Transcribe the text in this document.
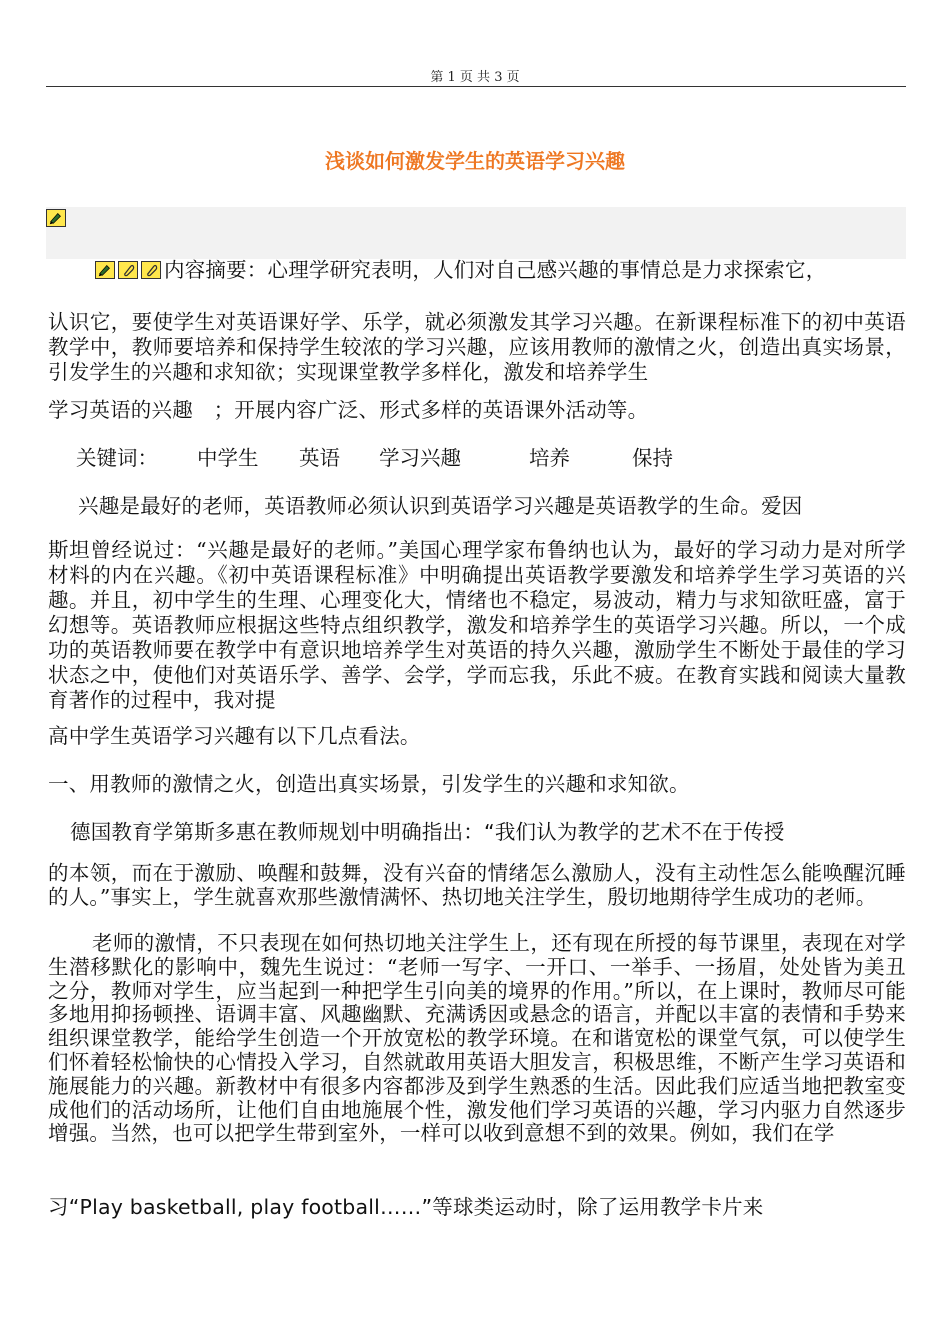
第 1 页 共 3 页
浅谈如何激发学生的英语学习兴趣

内容摘要：心理学研究表明，人们对自己感兴趣的事情总是力求探索它，

认识它，要使学生对英语课好学、乐学，就必须激发其学习兴趣。在新课程标准下的初中英语教学中，教师要培养和保持学生较浓的学习兴趣，应该用教师的激情之火，创造出真实场景，引发学生的兴趣和求知欲；实现课堂教学多样化，激发和培养学生

学习英语的兴趣　；开展内容广泛、形式多样的英语课外活动等。

关键词： 中学生 英语 学习兴趣	培养	保持

兴趣是最好的老师，英语教师必须认识到英语学习兴趣是英语教学的生命。爱因

斯坦曾经说过：“兴趣是最好的老师。”美国心理学家布鲁纳也认为，最好的学习动力是对所学材料的内在兴趣。《初中英语课程标准》中明确提出英语教学要激发和培养学生学习英语的兴趣。并且，初中学生的生理、心理变化大，情绪也不稳定，易波动，精力与求知欲旺盛，富于幻想等。英语教师应根据这些特点组织教学，激发和培养学生的英语学习兴趣。所以，一个成功的英语教师要在教学中有意识地培养学生对英语的持久兴趣，激励学生不断处于最佳的学习状态之中，使他们对英语乐学、善学、会学，学而忘我，乐此不疲。在教育实践和阅读大量教育著作的过程中，我对提

高中学生英语学习兴趣有以下几点看法。

一、用教师的激情之火，创造出真实场景，引发学生的兴趣和求知欲。

德国教育学第斯多惠在教师规划中明确指出：“我们认为教学的艺术不在于传授

的本领，而在于激励、唤醒和鼓舞，没有兴奋的情绪怎么激励人，没有主动性怎么能唤醒沉睡的人。”事实上，学生就喜欢那些激情满怀、热切地关注学生，殷切地期待学生成功的老师。

老师的激情，不只表现在如何热切地关注学生上，还有现在所授的每节课里，表现在对学生潜移默化的影响中，魏先生说过：“老师一写字、一开口、一举手、一扬眉，处处皆为美丑之分，教师对学生，应当起到一种把学生引向美的境界的作用。”所以，在上课时，教师尽可能多地用抑扬顿挫、语调丰富、风趣幽默、充满诱因或悬念的语言，并配以丰富的表情和手势来组织课堂教学，能给学生创造一个开放宽松的教学环境。在和谐宽松的课堂气氛，可以使学生们怀着轻松愉快的心情投入学习，自然就敢用英语大胆发言，积极思维，不断产生学习英语和施展能力的兴趣。新教材中有很多内容都涉及到学生熟悉的生活。因此我们应适当地把教室变成他们的活动场所，让他们自由地施展个性，激发他们学习英语的兴趣，学习内驱力自然逐步增强。当然，也可以把学生带到室外，一样可以收到意想不到的效果。例如，我们在学

习“Play basketball, play football……”等球类运动时，除了运用教学卡片来
